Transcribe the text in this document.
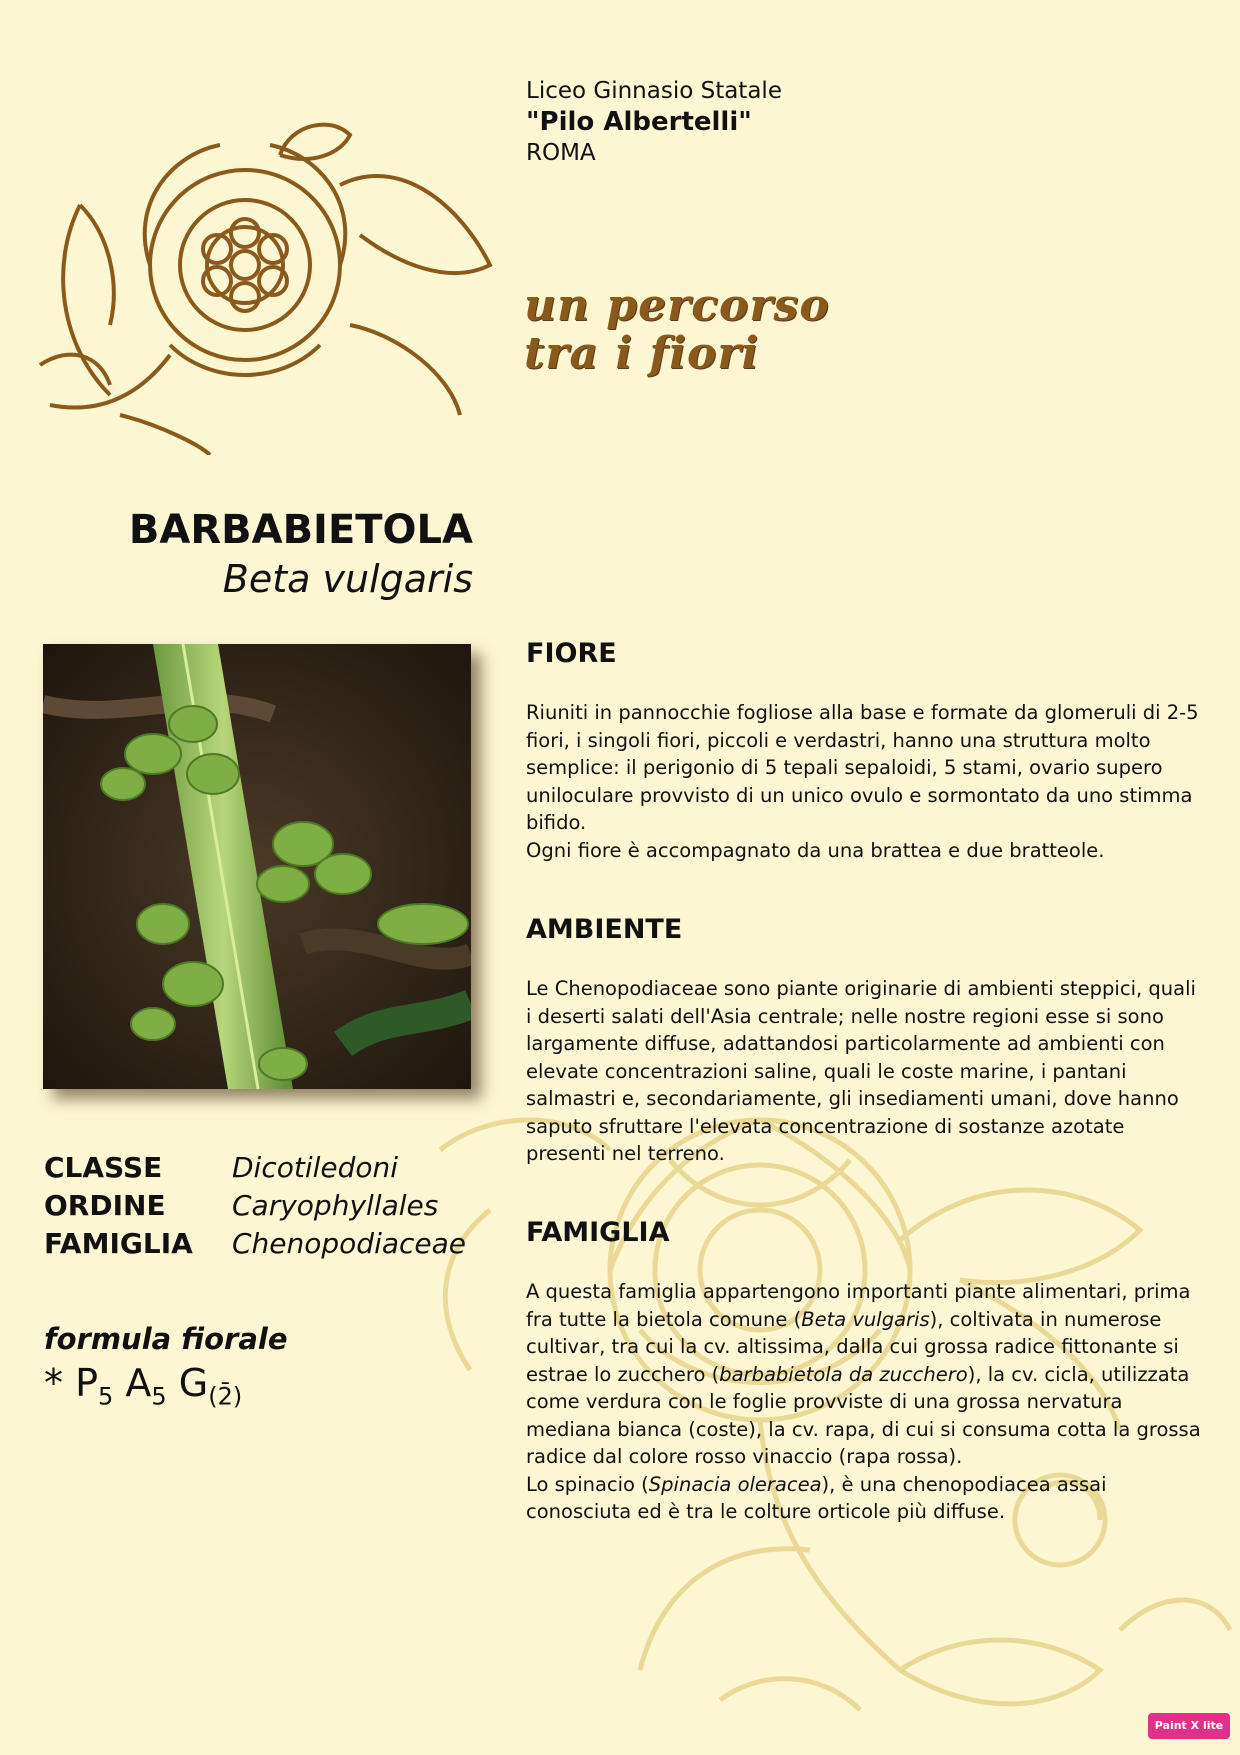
Liceo Ginnasio Statale
"Pilo Albertelli"
ROMA
un percorso
tra i fiori
BARBABIETOLA
Beta vulgaris
CLASSE	Dicotiledoni
ORDINE	Caryophyllales
FAMIGLIA	Chenopodiaceae
formula fiorale
* $P_5$ $A_5$ $G_{(2̄)}$
FIORE

Riuniti in pannocchie fogliose alla base e formate da glomeruli di 2-5 fiori, i singoli fiori, piccoli e verdastri, hanno una struttura molto semplice: il perigonio di 5 tepali sepaloidi, 5 stami, ovario supero uniloculare provvisto di un unico ovulo e sormontato da uno stimma bifido.

Ogni fiore è accompagnato da una brattea e due bratteole.

AMBIENTE

Le Chenopodiaceae sono piante originarie di ambienti steppici, quali i deserti salati dell'Asia centrale; nelle nostre regioni esse si sono largamente diffuse, adattandosi particolarmente ad ambienti con elevate concentrazioni saline, quali le coste marine, i pantani salmastri e, secondariamente, gli insediamenti umani, dove hanno saputo sfruttare l'elevata concentrazione di sostanze azotate presenti nel terreno.

FAMIGLIA

A questa famiglia appartengono importanti piante alimentari, prima fra tutte la bietola comune (Beta vulgaris), coltivata in numerose cultivar, tra cui la cv. altissima, dalla cui grossa radice fittonante si estrae lo zucchero (barbabietola da zucchero), la cv. cicla, utilizzata come verdura con le foglie provviste di una grossa nervatura mediana bianca (coste), la cv. rapa, di cui si consuma cotta la grossa radice dal colore rosso vinaccio (rapa rossa).

Lo spinacio (Spinacia oleracea), è una chenopodiacea assai conosciuta ed è tra le colture orticole più diffuse.

Paint X lite
